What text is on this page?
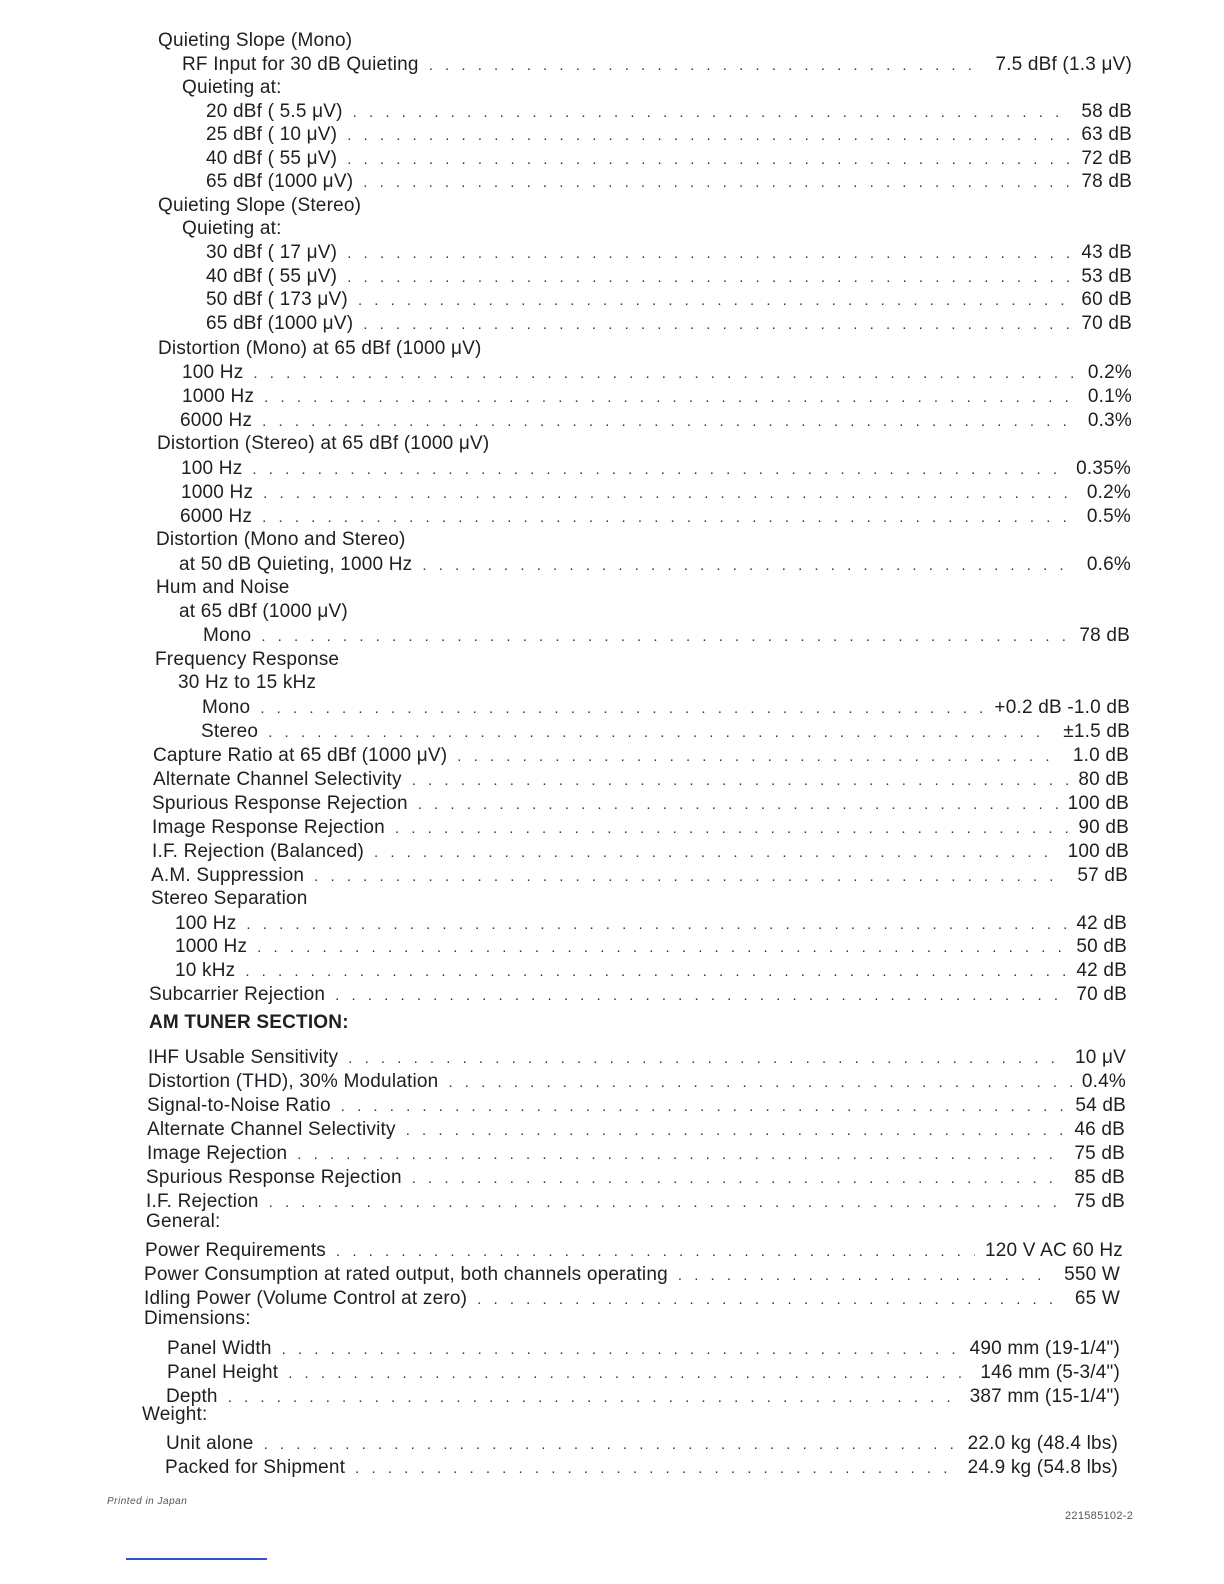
Quieting Slope (Mono)
RF Input for 30 dB Quieting . . .	7.5 dBf (1.3 μV)
Quieting at:
20 dBf ( 5.5 μV) . . .	58 dB
25 dBf ( 10 μV) . . .	63 dB
40 dBf ( 55 μV) . . .	72 dB
65 dBf (1000 μV) . . .	78 dB
Quieting Slope (Stereo)
Quieting at:
30 dBf ( 17 μV) . . .	43 dB
40 dBf ( 55 μV) . . .	53 dB
50 dBf ( 173 μV) . . .	60 dB
65 dBf (1000 μV) . . .	70 dB
Distortion (Mono) at 65 dBf (1000 μV)
100 Hz . . .	0.2%
1000 Hz . . .	0.1%
6000 Hz . . .	0.3%
Distortion (Stereo) at 65 dBf (1000 μV)
100 Hz . . .	0.35%
1000 Hz . . .	0.2%
6000 Hz . . .	0.5%
Distortion (Mono and Stereo)
at 50 dB Quieting, 1000 Hz . . .	0.6%
Hum and Noise
at 65 dBf (1000 μV)
Mono . . .	78 dB
Frequency Response
30 Hz to 15 kHz
Mono . . .	+0.2 dB -1.0 dB
Stereo . . .	±1.5 dB
Capture Ratio at 65 dBf (1000 μV) . . .	1.0 dB
Alternate Channel Selectivity . . .	80 dB
Spurious Response Rejection . . .	100 dB
Image Response Rejection . . .	90 dB
I.F. Rejection (Balanced) . . .	100 dB
A.M. Suppression . . .	57 dB
Stereo Separation
100 Hz . . .	42 dB
1000 Hz . . .	50 dB
10 kHz . . .	42 dB
Subcarrier Rejection . . .	70 dB
AM TUNER SECTION:
IHF Usable Sensitivity . . .	10 μV
Distortion (THD), 30% Modulation . . .	0.4%
Signal-to-Noise Ratio . . .	54 dB
Alternate Channel Selectivity . . .	46 dB
Image Rejection . . .	75 dB
Spurious Response Rejection . . .	85 dB
I.F. Rejection . . .	75 dB
General:
Power Requirements . . .	120 V AC 60 Hz
Power Consumption at rated output, both channels operating . . .	550 W
Idling Power (Volume Control at zero) . . .	65 W
Dimensions:
Panel Width . . .	490 mm (19-1/4")
Panel Height . . .	146 mm (5-3/4")
Depth . . .	387 mm (15-1/4")
Weight:
Unit alone . . .	22.0 kg (48.4 lbs)
Packed for Shipment . . .	24.9 kg (54.8 lbs)
Printed in Japan
221585102-2
